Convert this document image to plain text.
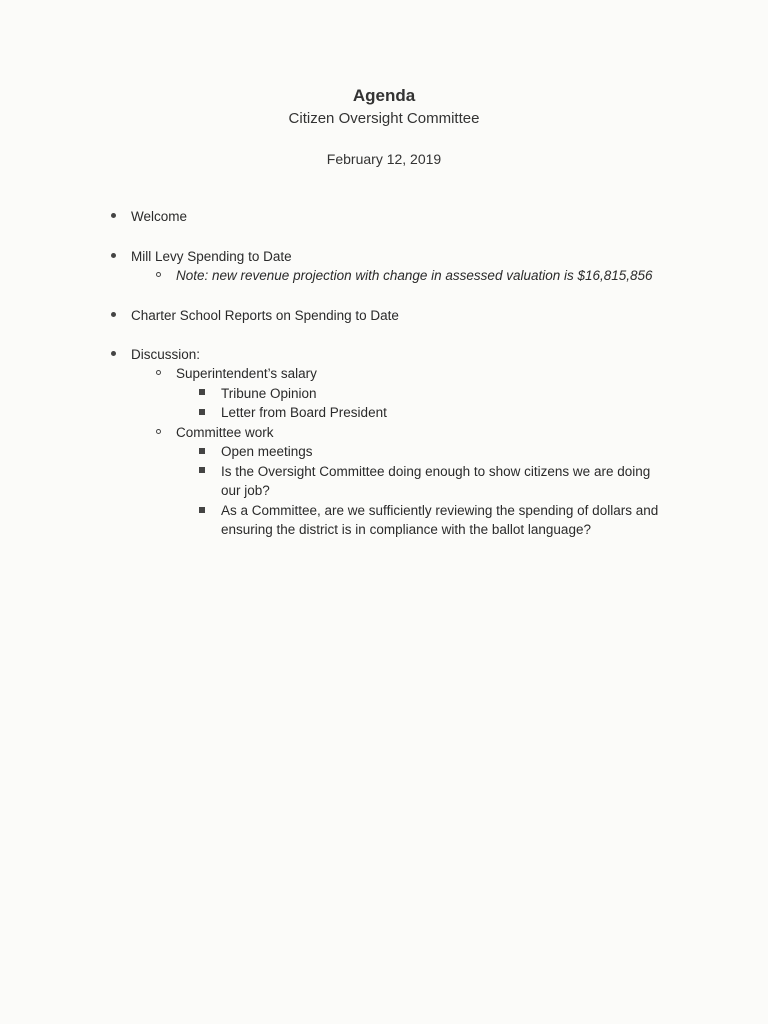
Agenda
Citizen Oversight Committee
February 12, 2019
Welcome
Mill Levy Spending to Date
Note: new revenue projection with change in assessed valuation is $16,815,856
Charter School Reports on Spending to Date
Discussion:
Superintendent’s salary
Tribune Opinion
Letter from Board President
Committee work
Open meetings
Is the Oversight Committee doing enough to show citizens we are doing
our job?
As a Committee, are we sufficiently reviewing the spending of dollars and
ensuring the district is in compliance with the ballot language?
